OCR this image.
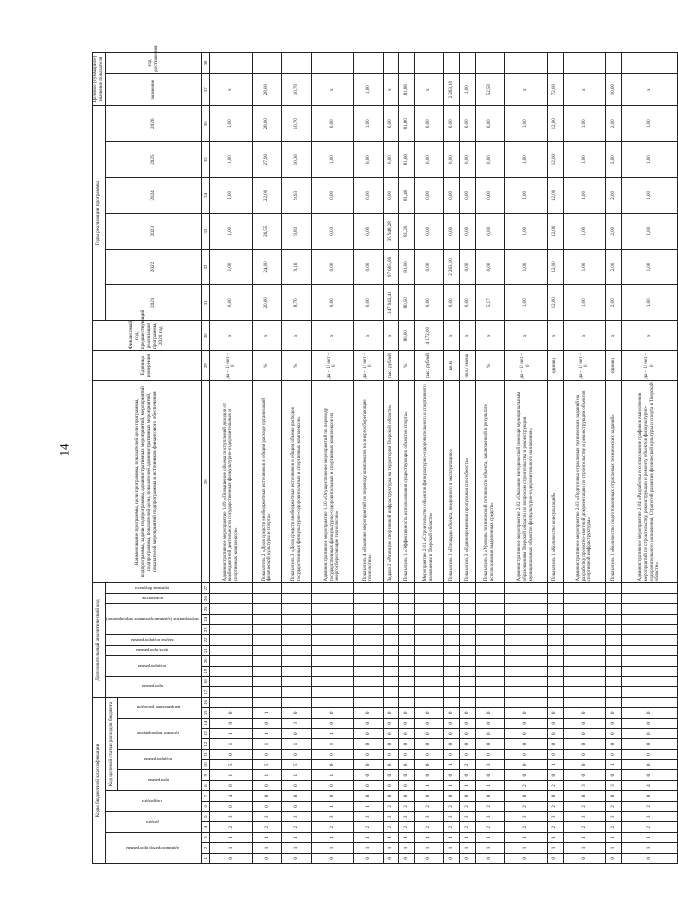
14
Коды бюджетной классификации																Дополнительный аналитический код											Наименование программы, цели программы, показателей цели программы, подпрограммы, задачи подпрограммы, административных мероприятий, мероприятий подпрограммы, показателей цели, показателей административных мероприятий, показателей мероприятий подпрограммы и источников финансового обеспечения	Единица измерения	Финансовый год, предшествующий реализации программы, 2020 год	Годы реализации программы						Целевое (суммарное) значение показателя	
администратор программы			раздел		подраздел		Код целевой статьи расходов бюджета									программа		подпрограмма		цель программы	задача подпрограммы	мероприятие (административное мероприятие)			показатель	признак бюджета				2021	2022	2023	2024	2025	2026	значение	год достижения
							программа		подпрограмма		целевое мероприятие			направление расходов																							
1	2	3	4	5	6	7	8	9	10	11	12	13	14	15	16	17	18	19	20	21	22	23	24	25	26	27	28	29	30	31	32	33	34	35	36	37	38
0	1	1	2	3	0	4	0	1	5	0	1	1	9	0													Административное мероприятие 1.09 «Повышение объема поступлений доходов от внебюджетной деятельности государственных физкультурно-оздоровительных и спортивных комплексов»	да – 1/ нет – 0	х	0,00	1,00	1,00	1,00	1,00	1,00	х	
0	1	1	2	3	0	0	0	1	5	0	1	1	0	1													Показатель 2 «Доля средств внебюджетных источников в общем расходе организаций физической культуры и спорта»	%	х	20,00	24,00	26,55	22,00	27,90	28,00	28,00	
0	1	1	2	3	0	0	0	1	5	0	1	0	3	0													Показатель 3 «Доля средств внебюджетных источников в общем объеме расходов государственных физкультурно-оздоровительных и спортивных комплексов»	%	х	8,70	9,16	9,83	9,93	10,30	10,70	10,70	
0	1	1	2	3	1	0	0	1	0	0	1	1	0	0													Административное мероприятие 1.10 «Осуществление мероприятий по переводу государственных физкультурно-оздоровительных и спортивных комплексов на энергосберегающие технологии»	да – 1/ нет – 0	х	0,00	0,00	0,03	0,00	1,00	0,00	х	
0	1	1	2	3	1	0	0	0	0	0	0	0	0	0													Показатель 4 «Наличие мероприятий по переводу комплексов на энергосберегающие технологии»	да – 1/ нет – 0	х	0,00	0,00	0,00	0,00	0,00	1,00	1,00	
0	1	1	2	3	2	0	0	0	0	0	0	0	0	0													Задача 2 «Развитие спортивной инфраструктуры на территории Тверской области»	тыс. рублей	х	147 943,41	97 605,06	35 948,28	0,00	0,00	0,00	х	
0	1	1	2	3	2	0	0	0	0	0	0	0	0	0													Показатель 1 «Эффективность использования существующих объектов спорта»	%	80,00	80,50	81,00	81,20	81,40	81,60	81,80	81,80	
0	1	1	2	3	2	0	1	0	0	0	0	0	0	0													Мероприятие 2.01 «Строительство объектов физкультурно-оздоровительного и спортивного назначения в Тверской области»	тыс. рублей	4 172,00	0,00	0,00	0,00	0,00	0,00	0,00	х	
0	1	1	2	3	2	0	1	0	1	0	0	0	0	0													Показатель 1 «Площадь объекта, введенного в эксплуатацию»	кв.м	х	0,00	2 263,10	0,00	0,00	0,00	0,00	2 263,10	
0	1	1	2	3	2	0	1	0	2	0	0	0	0	0													Показатель 2 «Единовременная пропускная способность»	чел./ смена	х	0,00	0,00	0,00	0,00	0,00	0,00	1,00	
0	1	1	2	3	2	0	1	0	3	0	0	0	0	0													Показатель 3 «Уровень технической готовности объекта, заключенной в результате использования выделенных средств»	%	х	5,17	0,00	0,00	0,00	0,00	0,00	52,50	
0	1	1	2	3	2	0	2	0	0	0	0	0	0	0													Административное мероприятие 2.02 «Оказание методической помощи муниципальным образованиям Тверской области по вопросам строительства и реконструкции муниципальных объектов физкультурно-оздоровительного назначения»	да – 1/ нет – 0	х	1,00	1,00	1,00	1,00	1,00	1,00	х	
0	1	1	2	3	2	0	2	0	1	0	0	0	0	0													Показатель 1 «Количество консультаций»	единиц	х	12,00	12,00	12,00	12,00	12,00	12,00	72,00	
0	1	1	2	3	2	0	3	0	0	0	0	0	0	0													Административное мероприятие 2.03 «Подготовка отраслевых технических заданий на разработку проектно-сметной документации по строительству и реконструкции объектов спортивной инфраструктуры»	да – 1/ нет – 0	х	1,00	1,00	1,00	1,00	1,00	1,00	х	
0	1	1	2	3	2	0	3	0	1	0	0	0	0	0													Показатель 1 «Количество подготовленных отраслевых технических заданий»	единиц	х	2,00	2,00	2,00	2,00	2,00	2,00	10,00	
0	1	1	2	3	2	0	4	0	0	0	0	0	0	0													Административное мероприятие 2.04 «Разработка и согласование графиков выполнения мероприятий по строительству, реконструкции и ремонту объектов физкультурно-оздоровительного назначения, Стратегий развития физической культуры и спорта в Тверской области»	да – 1/ нет – 0	х	1,00	1,00	1,00	1,00	1,00	1,00	х	
